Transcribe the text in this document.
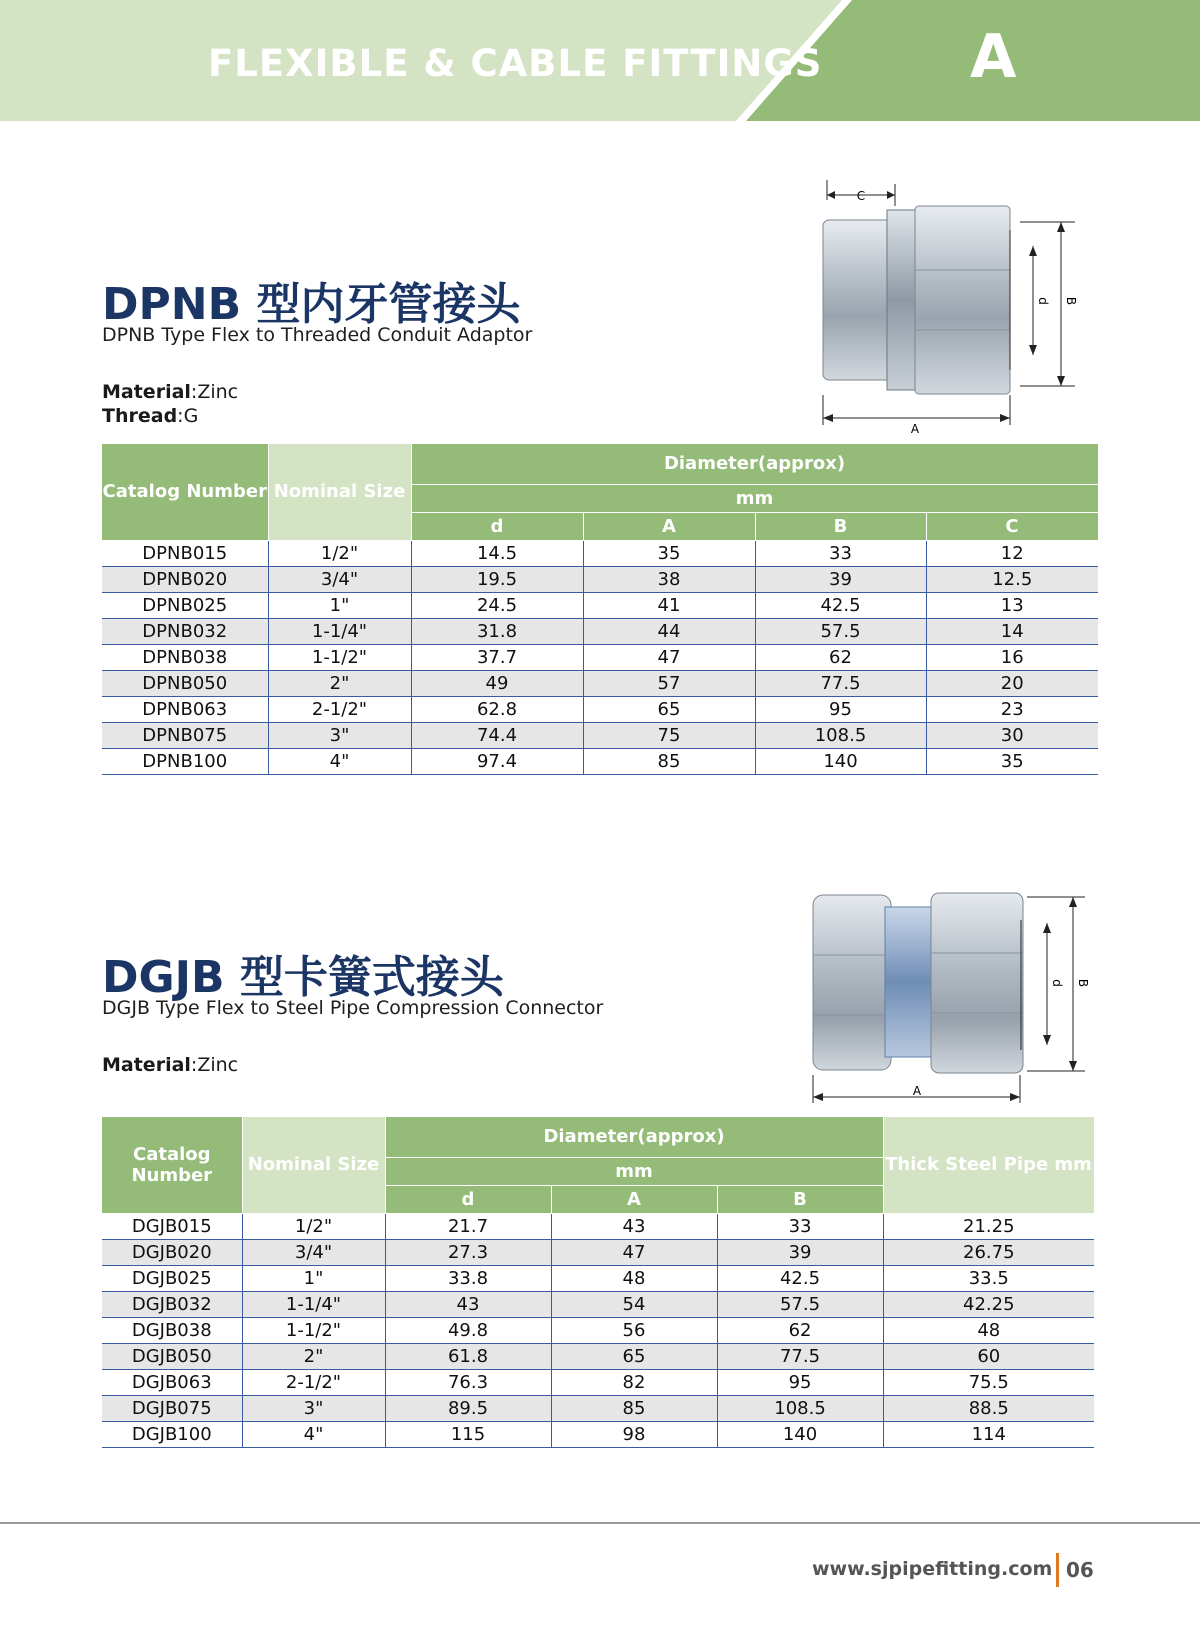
FLEXIBLE & CABLE FITTINGS A
DPNB 型内牙管接头
DPNB Type Flex to Threaded Conduit Adaptor
Material:Zinc
Thread:G
C
d B
A
Catalog Number	Nominal Size	Diameter(approx)			
		mm			
		d	A	B	C
DPNB015	1/2"	14.5	35	33	12
DPNB020	3/4"	19.5	38	39	12.5
DPNB025	1"	24.5	41	42.5	13
DPNB032	1-1/4"	31.8	44	57.5	14
DPNB038	1-1/2"	37.7	47	62	16
DPNB050	2"	49	57	77.5	20
DPNB063	2-1/2"	62.8	65	95	23
DPNB075	3"	74.4	75	108.5	30
DPNB100	4"	97.4	85	140	35
DGJB 型卡簧式接头
DGJB Type Flex to Steel Pipe Compression Connector
Material:Zinc
d B
A
Catalog Number	Nominal Size	Diameter(approx)			Thick Steel Pipe mm
		mm			
		d	A	B	
DGJB015	1/2"	21.7	43	33	21.25
DGJB020	3/4"	27.3	47	39	26.75
DGJB025	1"	33.8	48	42.5	33.5
DGJB032	1-1/4"	43	54	57.5	42.25
DGJB038	1-1/2"	49.8	56	62	48
DGJB050	2"	61.8	65	77.5	60
DGJB063	2-1/2"	76.3	82	95	75.5
DGJB075	3"	89.5	85	108.5	88.5
DGJB100	4"	115	98	140	114
www.sjpipefitting.com 06
